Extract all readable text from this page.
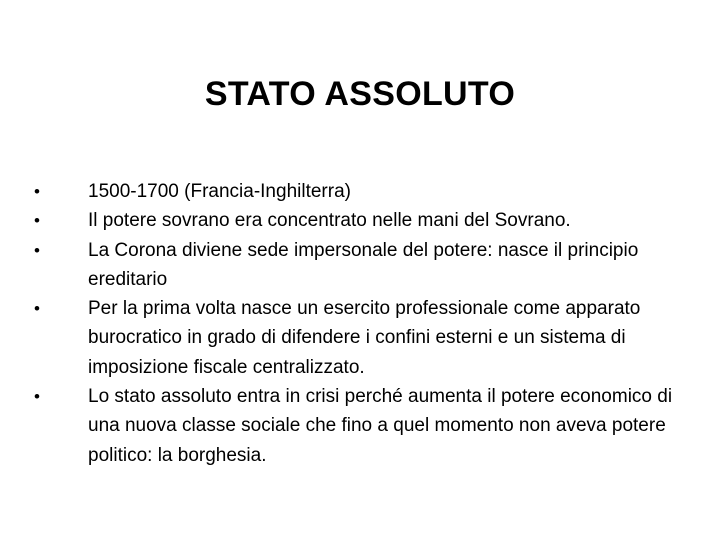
STATO ASSOLUTO
•	1500-1700 (Francia-Inghilterra)
•	Il potere sovrano era concentrato nelle mani del Sovrano.
•	La Corona diviene sede impersonale del potere: nasce il principio ereditario
•	Per la prima volta nasce un esercito professionale come apparato burocratico in grado di difendere i confini esterni e un sistema di imposizione fiscale centralizzato.
•	Lo stato assoluto entra in crisi perché aumenta il potere economico di una nuova classe sociale che fino a quel momento non aveva potere politico: la borghesia.
